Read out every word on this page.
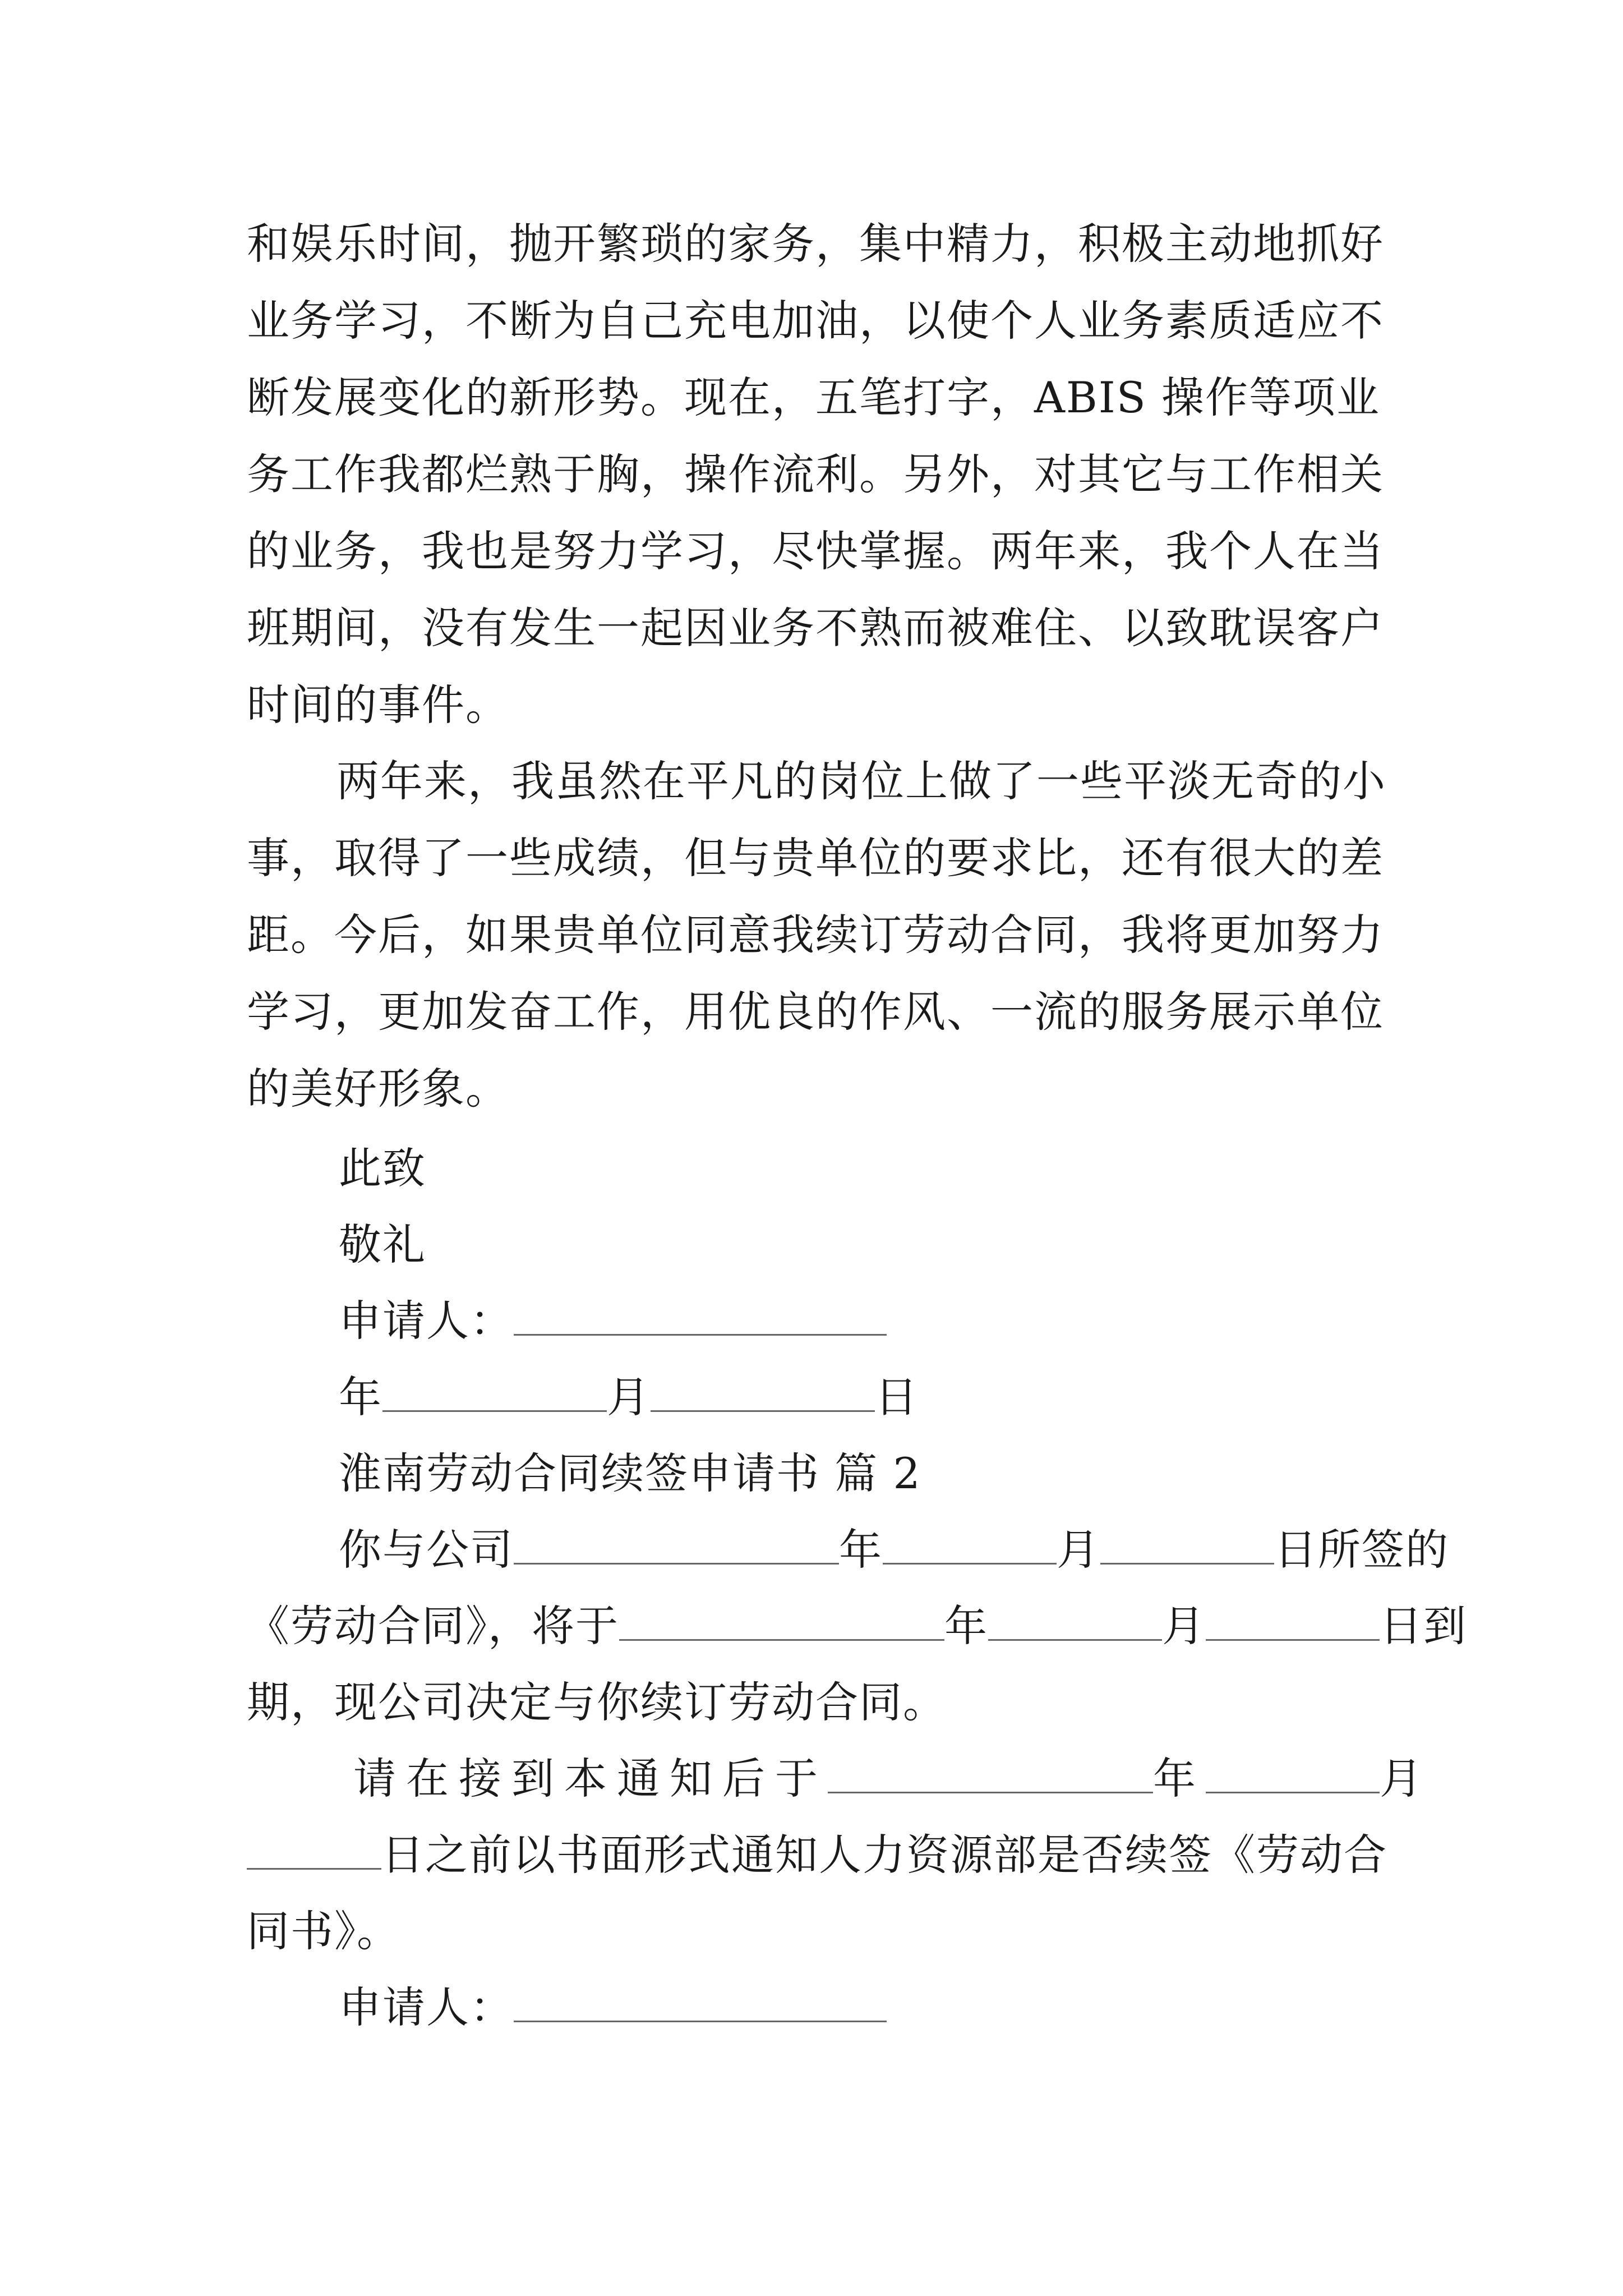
和娱乐时间，抛开繁琐的家务，集中精力，积极主动地抓好业务学习，不断为自己充电加油，以使个人业务素质适应不断发展变化的新形势。现在，五笔打字，ABIS 操作等项业务工作我都烂熟于胸，操作流利。另外，对其它与工作相关的业务，我也是努力学习，尽快掌握。两年来，我个人在当班期间，没有发生一起因业务不熟而被难住、以致耽误客户时间的事件。
两年来，我虽然在平凡的岗位上做了一些平淡无奇的小事，取得了一些成绩，但与贵单位的要求比，还有很大的差距。今后，如果贵单位同意我续订劳动合同，我将更加努力学习，更加发奋工作，用优良的作风、一流的服务展示单位的美好形象。
此致
敬礼
申请人：
年	月	日
淮南劳动合同续签申请书 篇 2
你与公司	年	月	日所签的
《劳动合同》，将于	年	月	日到
期，现公司决定与你续订劳动合同。
请在接到本通知后于	年	月
日之前以书面形式通知人力资源部是否续签《劳动合
同书》。
申请人：
